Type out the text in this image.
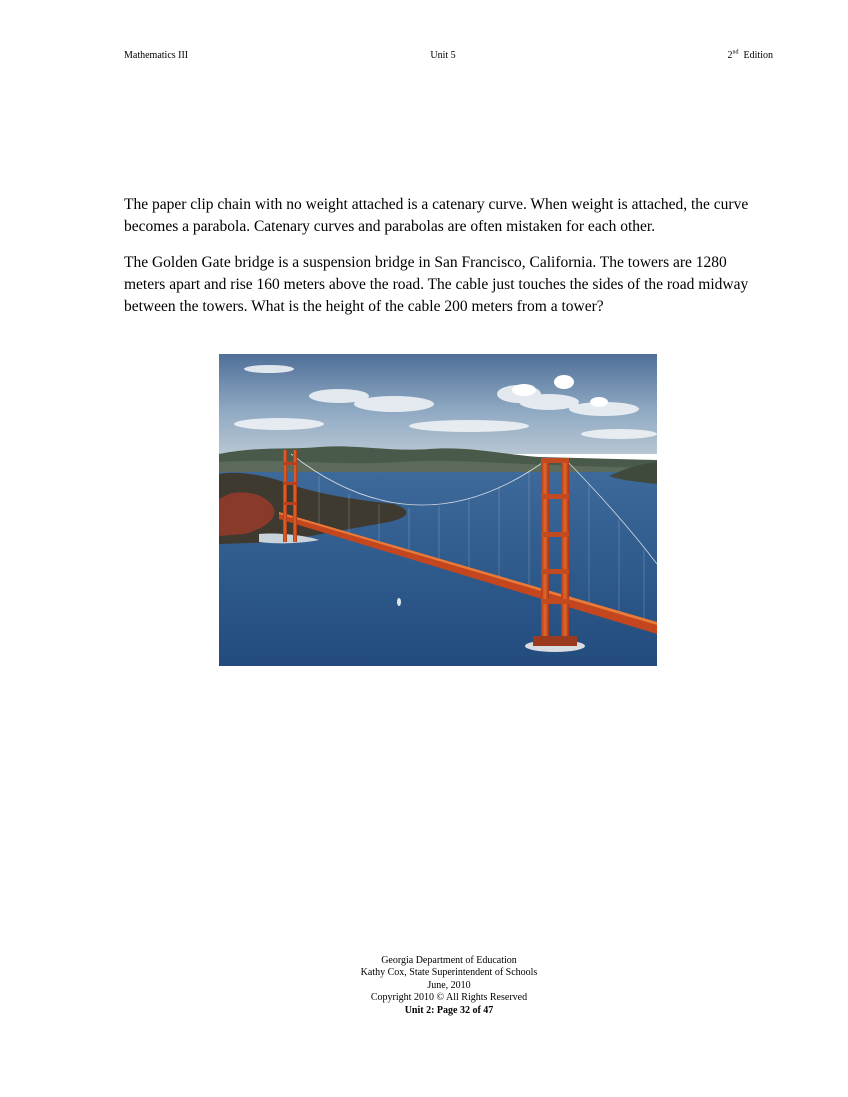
Mathematics III	Unit 5	2nd Edition

The paper clip chain with no weight attached is a catenary curve. When weight is attached, the curve becomes a parabola. Catenary curves and parabolas are often mistaken for each other.

The Golden Gate bridge is a suspension bridge in San Francisco, California. The towers are 1280 meters apart and rise 160 meters above the road. The cable just touches the sides of the road midway between the towers. What is the height of the cable 200 meters from a tower?

Georgia Department of Education
Kathy Cox, State Superintendent of Schools
June, 2010
Copyright 2010 © All Rights Reserved
Unit 2: Page 32 of 47
